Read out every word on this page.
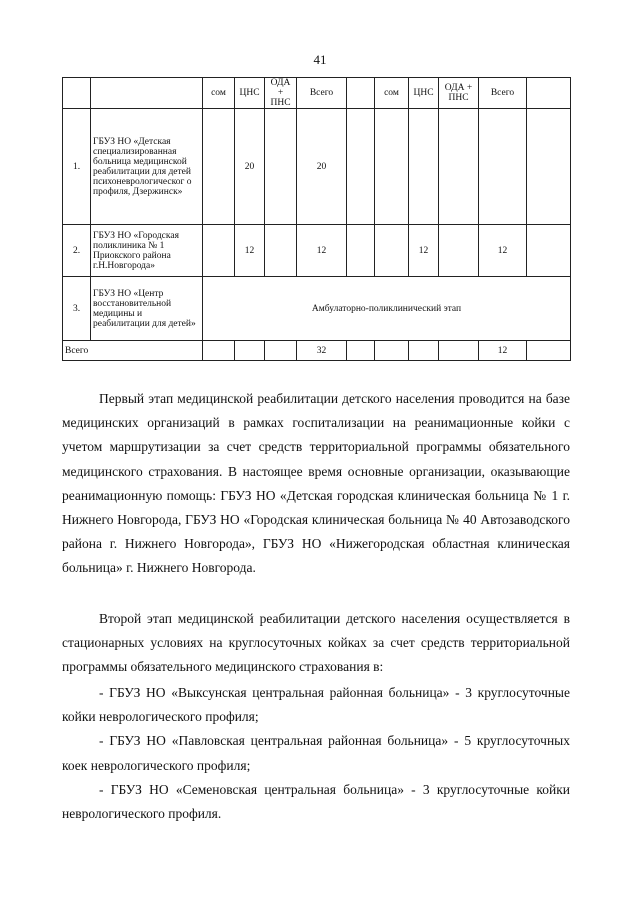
41
		сом	ЦНС	ОДА + ПНС	Всего		сом	ЦНС	ОДА + ПНС	Всего	
1.	ГБУЗ НО «Детская специализированная больница медицинской реабилитации для детей психоневрологическог о профиля, Дзержинск»		20		20						
2.	ГБУЗ НО «Городская поликлиника № 1 Приокского района г.Н.Новгорода»		12		12			12		12	
3.	ГБУЗ НО «Центр восстановительной медицины и реабилитации для детей»	Амбулаторно-поликлинический этап									
Всего					32					12	

Первый этап медицинской реабилитации детского населения проводится на базе медицинских организаций в рамках госпитализации на реанимационные койки с учетом маршрутизации за счет средств территориальной программы обязательного медицинского страхования. В настоящее время основные организации, оказывающие реанимационную помощь: ГБУЗ НО «Детская городская клиническая больница № 1 г. Нижнего Новгорода, ГБУЗ НО «Городская клиническая больница № 40 Автозаводского района г. Нижнего Новгорода», ГБУЗ НО «Нижегородская областная клиническая больница» г. Нижнего Новгорода.

Второй этап медицинской реабилитации детского населения осуществляется в стационарных условиях на круглосуточных койках за счет средств территориальной программы обязательного медицинского страхования в:

- ГБУЗ НО «Выксунская центральная районная больница» - 3 круглосуточные койки неврологического профиля;

- ГБУЗ НО «Павловская центральная районная больница» - 5 круглосуточных коек неврологического профиля;

- ГБУЗ НО «Семеновская центральная больница» - 3 круглосуточные койки неврологического профиля.
